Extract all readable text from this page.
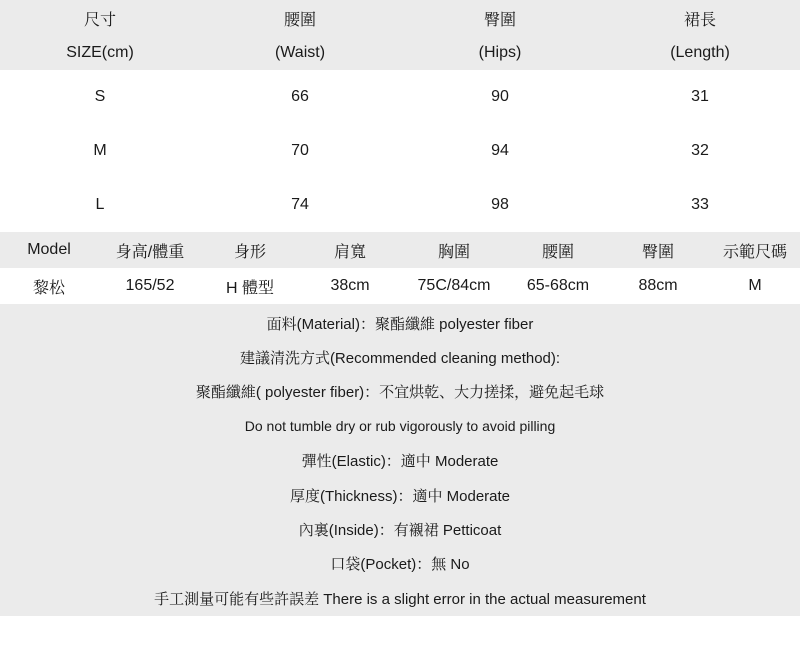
尺寸	腰圍	臀圍	裙長
SIZE(cm)	(Waist)	(Hips)	(Length)
S	66	90	31
M	70	94	32
L	74	98	33
Model	身高/體重	身形	肩寬	胸圍	腰圍	臀圍	示範尺碼
黎松	165/52	H 體型	38cm	75C/84cm	65-68cm	88cm	M
面料(Material)：聚酯纖維 polyester fiber
建議清洗方式(Recommended cleaning method):
聚酯纖維( polyester fiber)：不宜烘乾、大力搓揉，避免起毛球
Do not tumble dry or rub vigorously to avoid pilling
彈性(Elastic)：適中 Moderate
厚度(Thickness)：適中 Moderate
內裏(Inside)：有襯裙 Petticoat
口袋(Pocket)：無 No
手工測量可能有些許誤差 There is a slight error in the actual measurement
